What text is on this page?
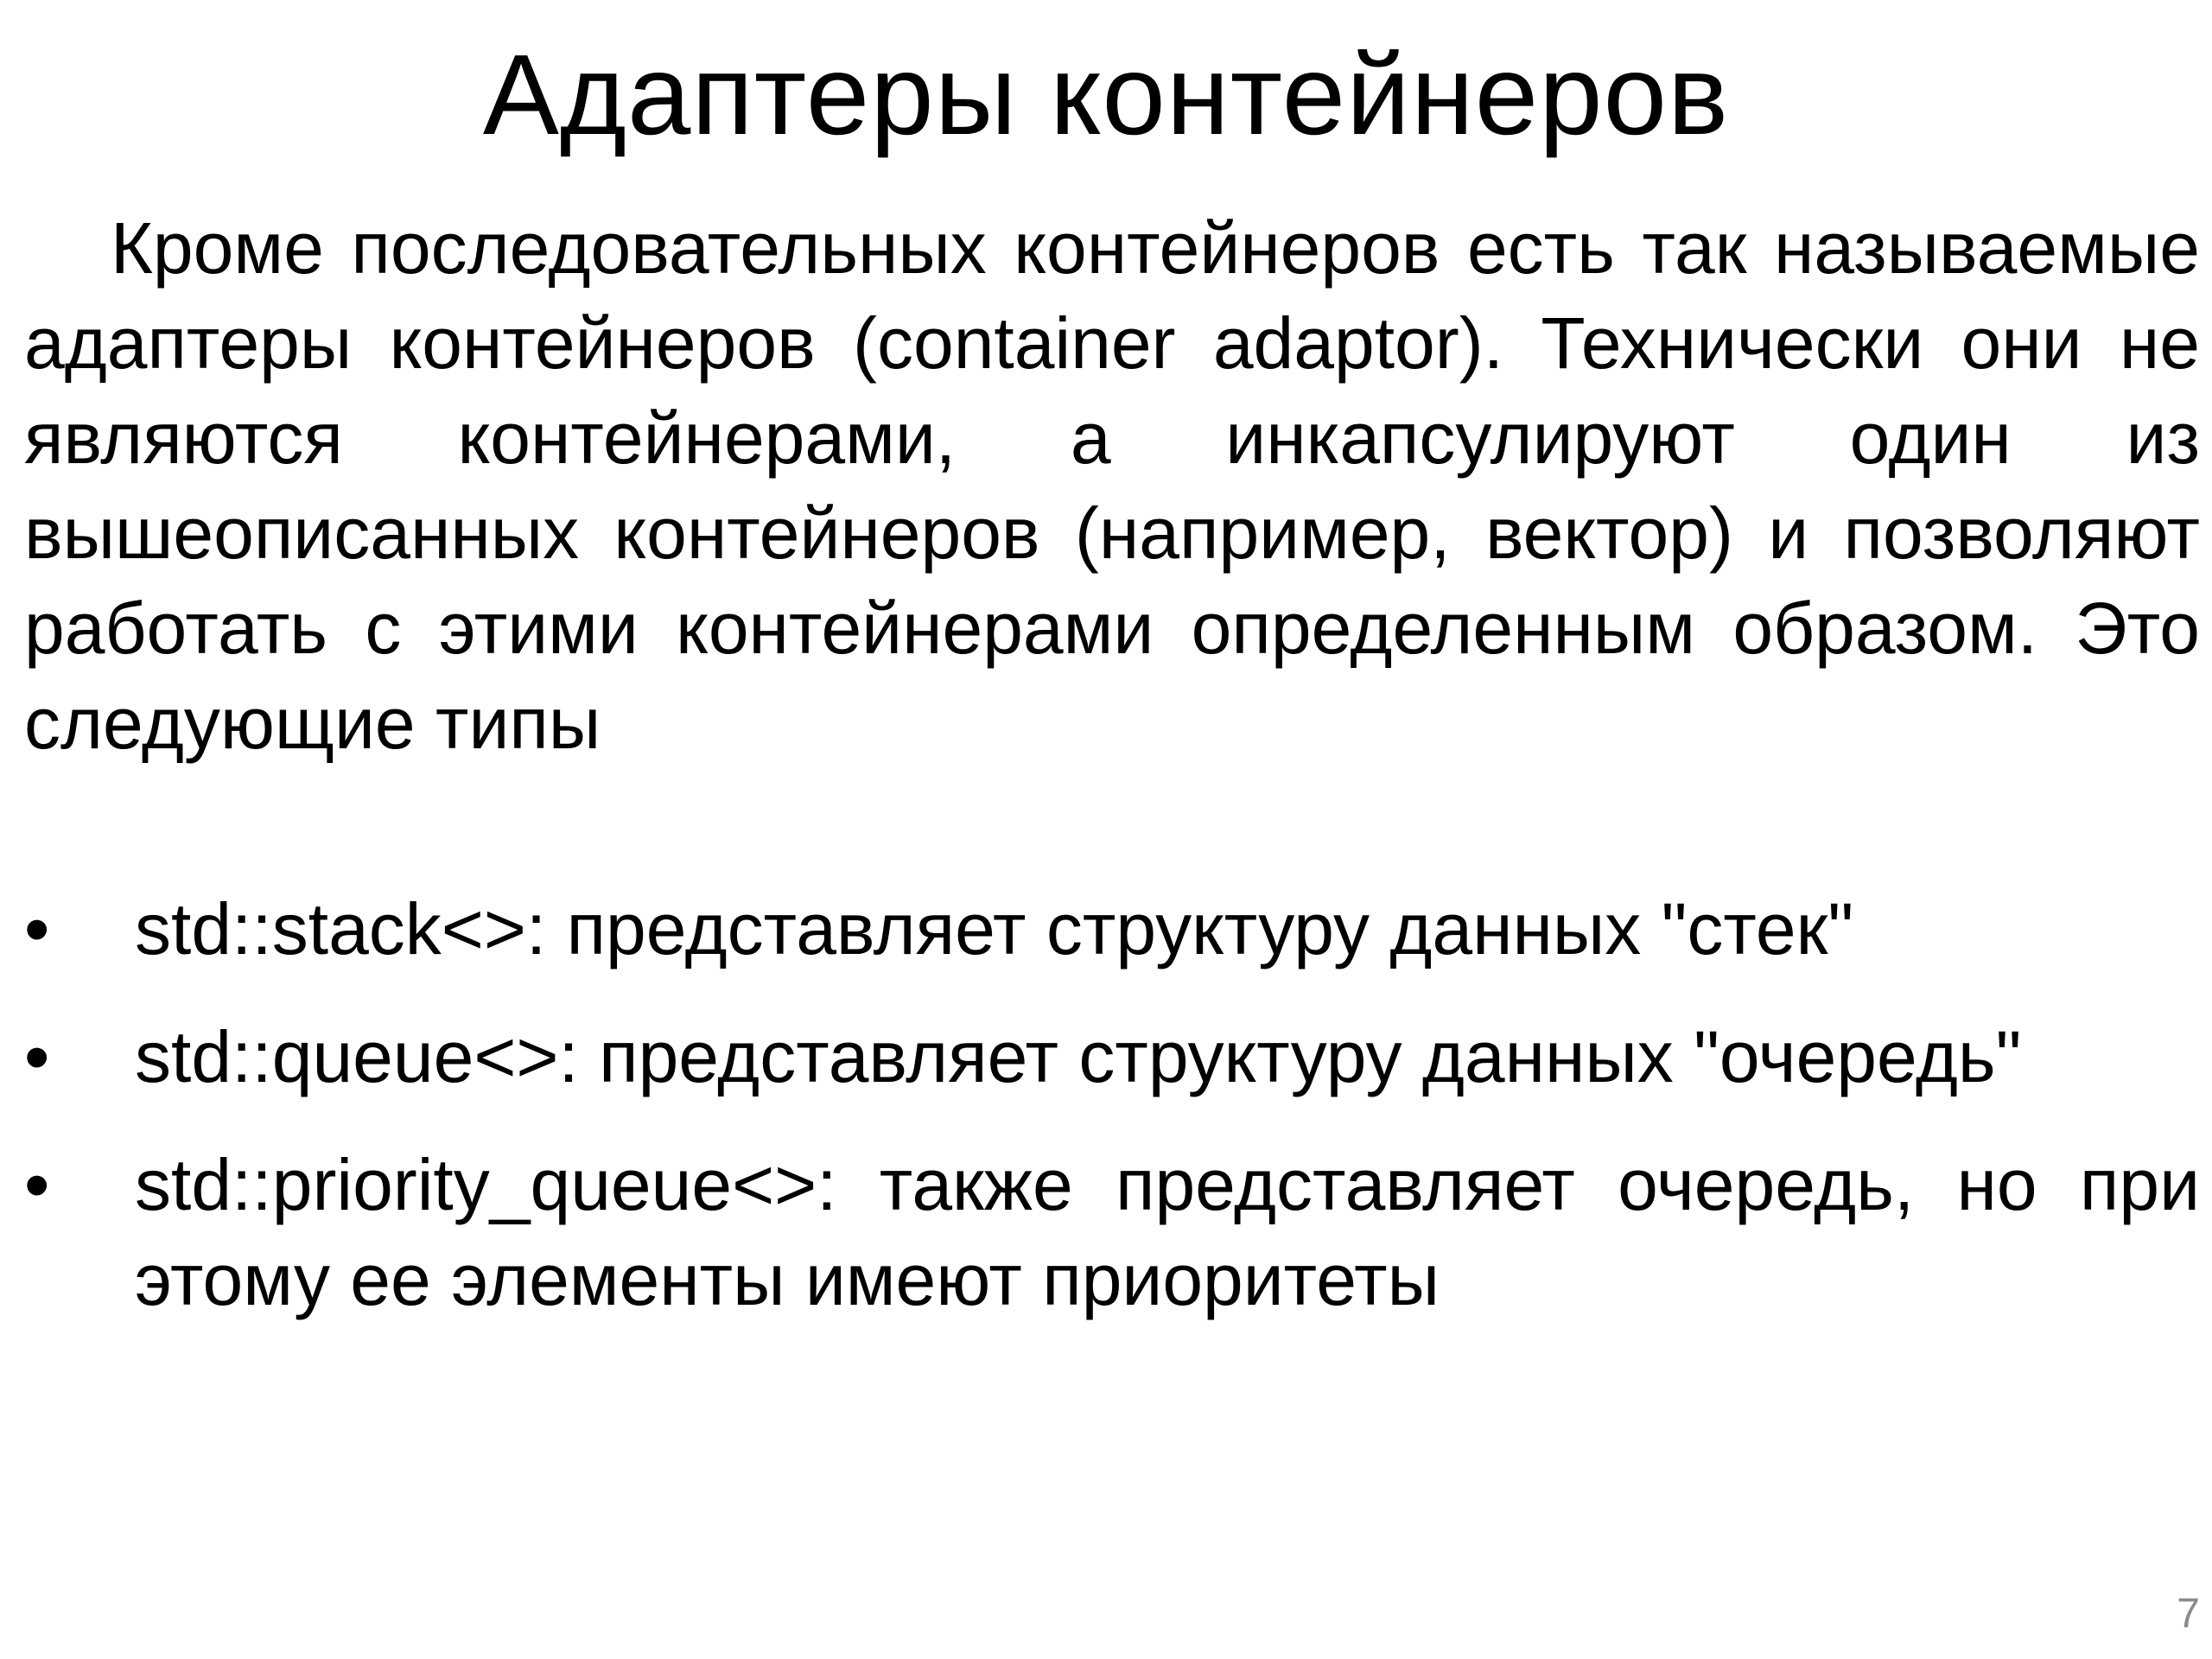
Адаптеры контейнеров

Кроме последовательных контейнеров есть так называемые адаптеры контейнеров (container adaptor). Технически они не являются контейнерами, а инкапсулируют один из вышеописанных контейнеров (например, вектор) и позволяют работать с этими контейнерами определенным образом. Это следующие типы

•	std::stack<>: представляет структуру данных "стек"
•	std::queue<>: представляет структуру данных "очередь"
•	std::priority_queue<>: также представляет очередь, но при этому ее элементы имеют приоритеты
7
